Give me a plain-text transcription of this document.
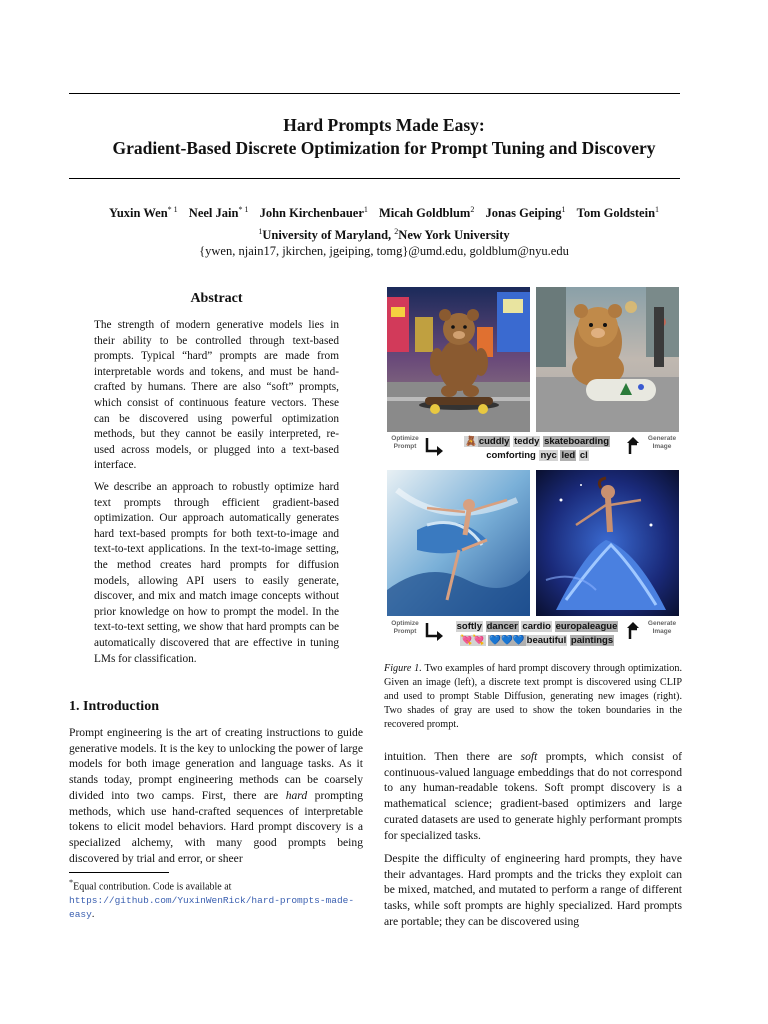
Hard Prompts Made Easy:
Gradient-Based Discrete Optimization for Prompt Tuning and Discovery
Yuxin Wen$^{* 1}$ Neel Jain$^{* 1}$ John Kirchenbauer$^1$ Micah Goldblum$^2$ Jonas Geiping$^1$ Tom Goldstein$^1$
$^1$University of Maryland, $^2$New York University
{ywen, njain17, jkirchen, jgeiping, tomg}@umd.edu, goldblum@nyu.edu
Abstract

The strength of modern generative models lies in their ability to be controlled through text-based prompts. Typical “hard” prompts are made from interpretable words and tokens, and must be hand-crafted by humans. There are also “soft” prompts, which consist of continuous feature vectors. These can be discovered using powerful optimization methods, but they cannot be easily interpreted, re-used across models, or plugged into a text-based interface.

We describe an approach to robustly optimize hard text prompts through efficient gradient-based optimization. Our approach automatically generates hard text-based prompts for both text-to-image and text-to-text applications. In the text-to-image setting, the method creates hard prompts for diffusion models, allowing API users to easily generate, discover, and mix and match image concepts without prior knowledge on how to prompt the model. In the text-to-text setting, we show that hard prompts can be automatically discovered that are effective in tuning LMs for classification.

1. Introduction

Prompt engineering is the art of creating instructions to guide generative models. It is the key to unlocking the power of large models for both image generation and language tasks. As it stands today, prompt engineering methods can be coarsely divided into two camps. First, there are hard prompting methods, which use hand-crafted sequences of interpretable tokens to elicit model behaviors. Hard prompt discovery is a specialized alchemy, with many good prompts being discovered by trial and error, or sheer

*Equal contribution. Code is available at https://github.com/YuxinWenRick/hard-prompts-made-easy.

intuition. Then there are soft prompts, which consist of continuous-valued language embeddings that do not correspond to any human-readable tokens. Soft prompt discovery is a mathematical science; gradient-based optimizers and large curated datasets are used to generate highly performant prompts for specialized tasks.

Despite the difficulty of engineering hard prompts, they have their advantages. Hard prompts and the tricks they exploit can be mixed, matched, and mutated to perform a range of different tasks, while soft prompts are highly specialized. Hard prompts are portable; they can be discovered using

Optimize
Prompt	🧸 cuddly teddy skateboarding
comforting nyc led cl
Generate
Image
Optimize
Prompt	softly dancer cardio europaleague
💘💘 💙💙💙 beautiful paintings
Generate
Image

Figure 1. Two examples of hard prompt discovery through optimization. Given an image (left), a discrete text prompt is discovered using CLIP and used to prompt Stable Diffusion, generating new images (right). Two shades of gray are used to show the token boundaries in the recovered prompt.
